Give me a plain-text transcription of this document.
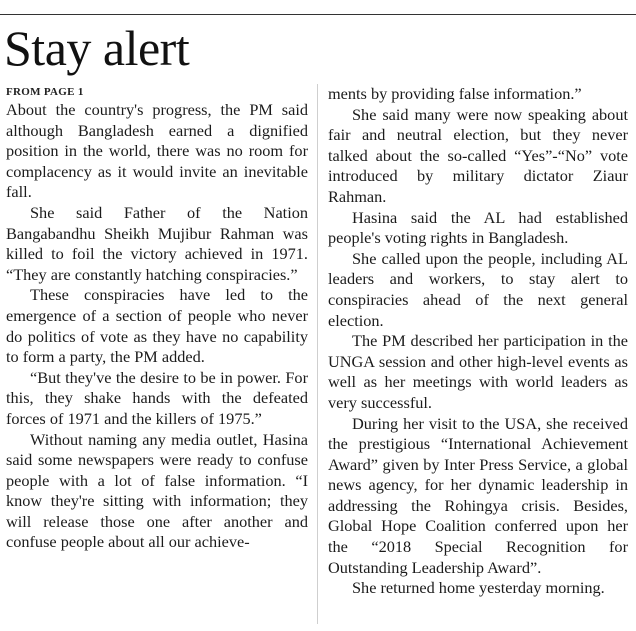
Stay alert
FROM PAGE 1

About the country's progress, the PM said although Bangladesh earned a dignified position in the world, there was no room for complacency as it would invite an inevitable fall.

She said Father of the Nation Bangabandhu Sheikh Mujibur Rahman was killed to foil the victory achieved in 1971. “They are constantly hatching conspiracies.”

These conspiracies have led to the emergence of a section of people who never do politics of vote as they have no capability to form a party, the PM added.

“But they've the desire to be in power. For this, they shake hands with the defeated forces of 1971 and the killers of 1975.”

Without naming any media outlet, Hasina said some newspapers were ready to confuse people with a lot of false information. “I know they're sitting with information; they will release those one after another and confuse people about all our achieve-

ments by providing false information.”

She said many were now speaking about fair and neutral election, but they never talked about the so-called “Yes”-“No” vote introduced by military dictator Ziaur Rahman.

Hasina said the AL had established people's voting rights in Bangladesh.

She called upon the people, including AL leaders and workers, to stay alert to conspiracies ahead of the next general election.

The PM described her participation in the UNGA session and other high-level events as well as her meetings with world leaders as very successful.

During her visit to the USA, she received the prestigious “International Achievement Award” given by Inter Press Service, a global news agency, for her dynamic leadership in addressing the Rohingya crisis. Besides, Global Hope Coalition conferred upon her the “2018 Special Recognition for Outstanding Leadership Award”.

She returned home yesterday morning.
